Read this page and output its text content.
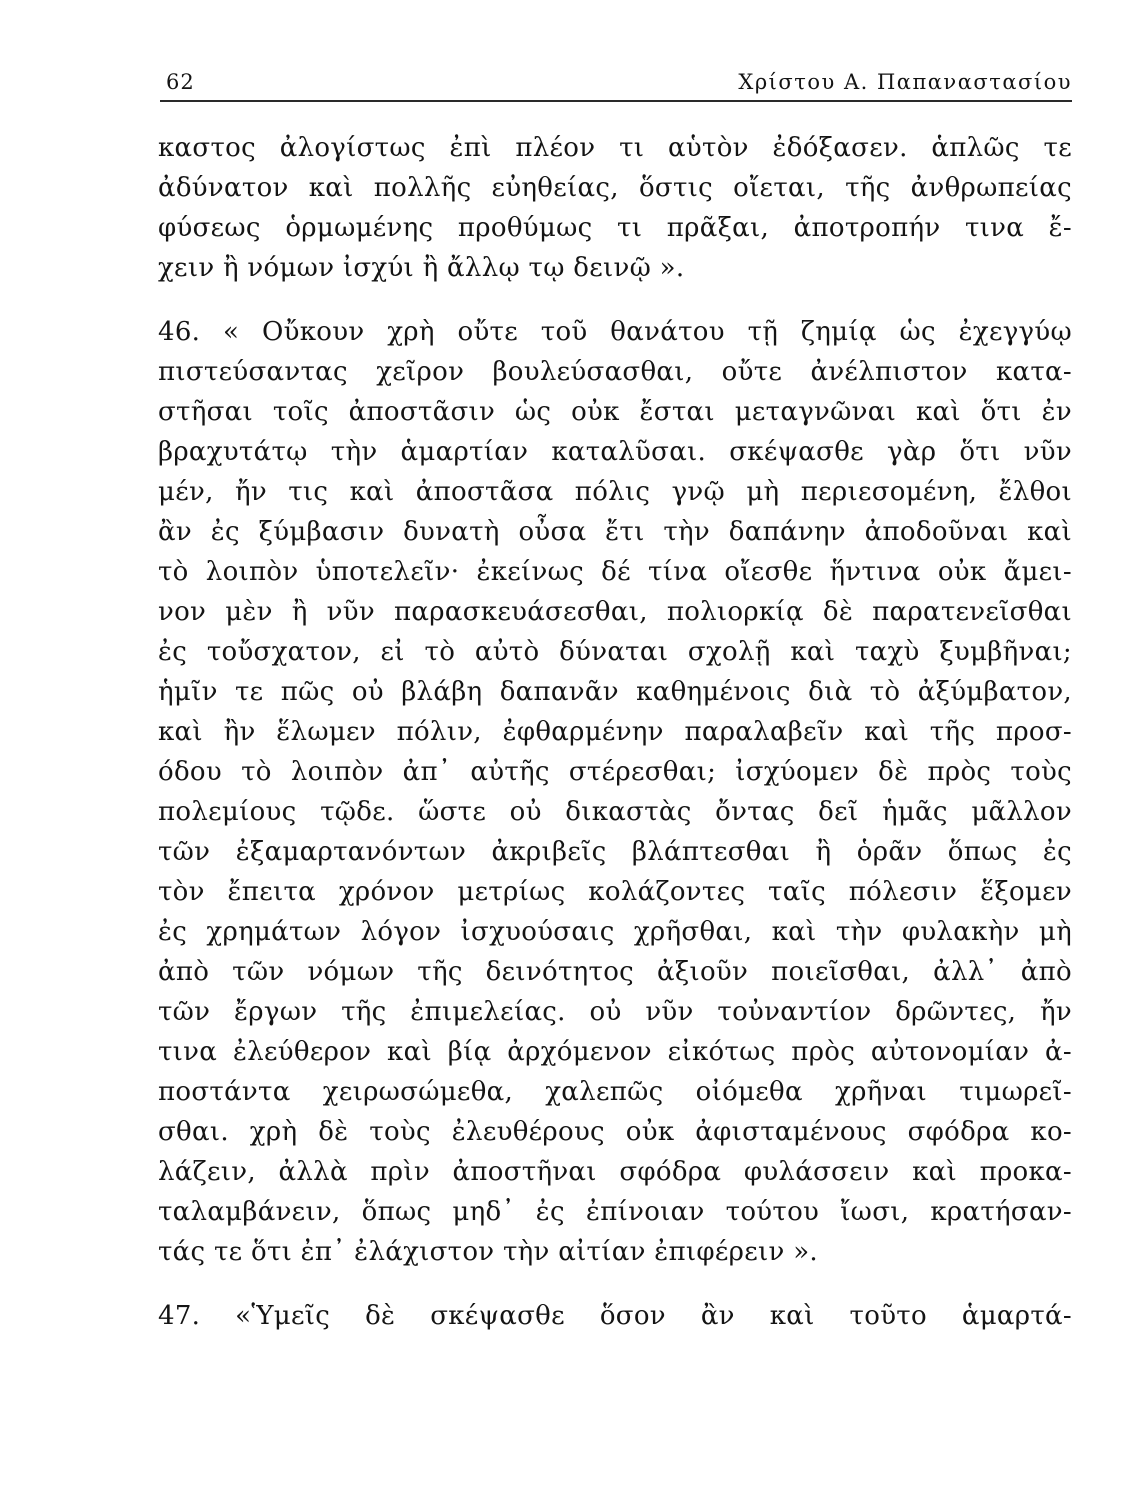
62	Χρίστου Α. Παπαναστασίου
καστος ἀλογίστως ἐπὶ πλέον τι αὑτὸν ἐδόξασεν. ἁπλῶς τε
ἀδύνατον καὶ πολλῆς εὐηθείας, ὅστις οἴεται, τῆς ἀνθρωπείας
φύσεως ὁρμωμένης προθύμως τι πρᾶξαι, ἀποτροπήν τινα ἔ-
χειν ἢ νόμων ἰσχύι ἢ ἄλλῳ τῳ δεινῷ ».
46. « Οὔκουν χρὴ οὔτε τοῦ θανάτου τῇ ζημίᾳ ὡς ἐχεγγύῳ
πιστεύσαντας χεῖρον βουλεύσασθαι, οὔτε ἀνέλπιστον κατα-
στῆσαι τοῖς ἀποστᾶσιν ὡς οὐκ ἔσται μεταγνῶναι καὶ ὅτι ἐν
βραχυτάτῳ τὴν ἁμαρτίαν καταλῦσαι. σκέψασθε γὰρ ὅτι νῦν
μέν, ἤν τις καὶ ἀποστᾶσα πόλις γνῷ μὴ περιεσομένη, ἔλθοι
ἂν ἐς ξύμβασιν δυνατὴ οὖσα ἔτι τὴν δαπάνην ἀποδοῦναι καὶ
τὸ λοιπὸν ὑποτελεῖν· ἐκείνως δέ τίνα οἴεσθε ἥντινα οὐκ ἄμει-
νον μὲν ἢ νῦν παρασκευάσεσθαι, πολιορκίᾳ δὲ παρατενεῖσθαι
ἐς τοὔσχατον, εἰ τὸ αὐτὸ δύναται σχολῇ καὶ ταχὺ ξυμβῆναι;
ἡμῖν τε πῶς οὐ βλάβη δαπανᾶν καθημένοις διὰ τὸ ἀξύμβατον,
καὶ ἢν ἕλωμεν πόλιν, ἐφθαρμένην παραλαβεῖν καὶ τῆς προσ-
όδου τὸ λοιπὸν ἀπ᾽ αὐτῆς στέρεσθαι; ἰσχύομεν δὲ πρὸς τοὺς
πολεμίους τῷδε. ὥστε οὐ δικαστὰς ὄντας δεῖ ἡμᾶς μᾶλλον
τῶν ἐξαμαρτανόντων ἀκριβεῖς βλάπτεσθαι ἢ ὁρᾶν ὅπως ἐς
τὸν ἔπειτα χρόνον μετρίως κολάζοντες ταῖς πόλεσιν ἕξομεν
ἐς χρημάτων λόγον ἰσχυούσαις χρῆσθαι, καὶ τὴν φυλακὴν μὴ
ἀπὸ τῶν νόμων τῆς δεινότητος ἀξιοῦν ποιεῖσθαι, ἀλλ᾽ ἀπὸ
τῶν ἔργων τῆς ἐπιμελείας. οὐ νῦν τοὐναντίον δρῶντες, ἤν
τινα ἐλεύθερον καὶ βίᾳ ἀρχόμενον εἰκότως πρὸς αὐτονομίαν ἀ-
ποστάντα χειρωσώμεθα, χαλεπῶς οἰόμεθα χρῆναι τιμωρεῖ-
σθαι. χρὴ δὲ τοὺς ἐλευθέρους οὐκ ἀφισταμένους σφόδρα κο-
λάζειν, ἀλλὰ πρὶν ἀποστῆναι σφόδρα φυλάσσειν καὶ προκα-
ταλαμβάνειν, ὅπως μηδ᾽ ἐς ἐπίνοιαν τούτου ἴωσι, κρατήσαν-
τάς τε ὅτι ἐπ᾽ ἐλάχιστον τὴν αἰτίαν ἐπιφέρειν ».
47. «Ὑμεῖς δὲ σκέψασθε ὅσον ἂν καὶ τοῦτο ἁμαρτά-
